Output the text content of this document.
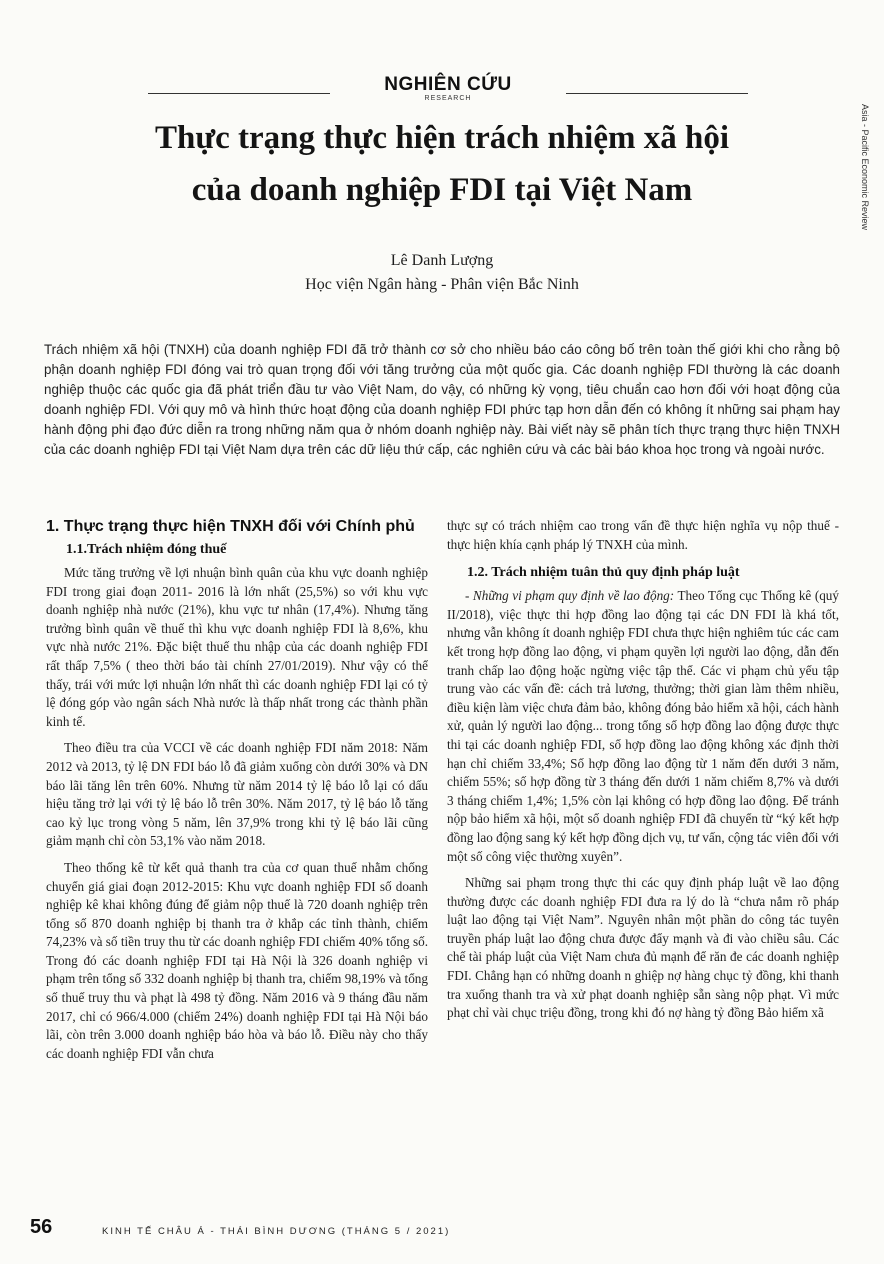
NGHIÊN CỨU
RESEARCH
Asia - Pacific Economic Review
Thực trạng thực hiện trách nhiệm xã hội
của doanh nghiệp FDI tại Việt Nam
Lê Danh Lượng
Học viện Ngân hàng - Phân viện Bắc Ninh
Trách nhiệm xã hội (TNXH) của doanh nghiệp FDI đã trở thành cơ sở cho nhiều báo cáo công bố trên toàn thế giới khi cho rằng bộ phận doanh nghiệp FDI đóng vai trò quan trọng đối với tăng trưởng của một quốc gia. Các doanh nghiệp FDI thường là các doanh nghiệp thuộc các quốc gia đã phát triển đầu tư vào Việt Nam, do vậy, có những kỳ vọng, tiêu chuẩn cao hơn đối với hoạt động của doanh nghiệp FDI. Với quy mô và hình thức hoạt động của doanh nghiệp FDI phức tạp hơn dẫn đến có không ít những sai phạm hay hành động phi đạo đức diễn ra trong những năm qua ở nhóm doanh nghiệp này. Bài viết này sẽ phân tích thực trạng thực hiện TNXH của các doanh nghiệp FDI tại Việt Nam dựa trên các dữ liệu thứ cấp, các nghiên cứu và các bài báo khoa học trong và ngoài nước.
1. Thực trạng thực hiện TNXH đối với Chính phủ
1.1.Trách nhiệm đóng thuế

Mức tăng trưởng về lợi nhuận bình quân của khu vực doanh nghiệp FDI trong giai đoạn 2011- 2016 là lớn nhất (25,5%) so với khu vực doanh nghiệp nhà nước (21%), khu vực tư nhân (17,4%). Nhưng tăng trưởng bình quân về thuế thì khu vực doanh nghiệp FDI là 8,6%, khu vực nhà nước 21%. Đặc biệt thuế thu nhập của các doanh nghiệp FDI rất thấp 7,5% ( theo thời báo tài chính 27/01/2019). Như vậy có thể thấy, trái với mức lợi nhuận lớn nhất thì các doanh nghiệp FDI lại có tỷ lệ đóng góp vào ngân sách Nhà nước là thấp nhất trong các thành phần kinh tế.

Theo điều tra của VCCI về các doanh nghiệp FDI năm 2018: Năm 2012 và 2013, tỷ lệ DN FDI báo lỗ đã giảm xuống còn dưới 30% và DN báo lãi tăng lên trên 60%. Nhưng từ năm 2014 tỷ lệ báo lỗ lại có dấu hiệu tăng trở lại với tỷ lệ báo lỗ trên 30%. Năm 2017, tỷ lệ báo lỗ tăng cao kỷ lục trong vòng 5 năm, lên 37,9% trong khi tỷ lệ báo lãi cũng giảm mạnh chỉ còn 53,1% vào năm 2018.

Theo thống kê từ kết quả thanh tra của cơ quan thuế nhằm chống chuyển giá giai đoạn 2012-2015: Khu vực doanh nghiệp FDI số doanh nghiệp kê khai không đúng để giảm nộp thuế là 720 doanh nghiệp trên tổng số 870 doanh nghiệp bị thanh tra ở khắp các tỉnh thành, chiếm 74,23% và số tiền truy thu từ các doanh nghiệp FDI chiếm 40% tổng số. Trong đó các doanh nghiệp FDI tại Hà Nội là 326 doanh nghiệp vi phạm trên tổng số 332 doanh nghiệp bị thanh tra, chiếm 98,19% và tổng số thuế truy thu và phạt là 498 tỷ đồng. Năm 2016 và 9 tháng đầu năm 2017, chỉ có 966/4.000 (chiếm 24%) doanh nghiệp FDI tại Hà Nội báo lãi, còn trên 3.000 doanh nghiệp báo hòa và báo lỗ. Điều này cho thấy các doanh nghiệp FDI vẫn chưa

thực sự có trách nhiệm cao trong vấn đề thực hiện nghĩa vụ nộp thuế - thực hiện khía cạnh pháp lý TNXH của mình.

1.2. Trách nhiệm tuân thủ quy định pháp luật

- Những vi phạm quy định về lao động: Theo Tổng cục Thống kê (quý II/2018), việc thực thi hợp đồng lao động tại các DN FDI là khá tốt, nhưng vẫn không ít doanh nghiệp FDI chưa thực hiện nghiêm túc các cam kết trong hợp đồng lao động, vi phạm quyền lợi người lao động, dẫn đến tranh chấp lao động hoặc ngừng việc tập thể. Các vi phạm chủ yếu tập trung vào các vấn đề: cách trả lương, thưởng; thời gian làm thêm nhiều, điều kiện làm việc chưa đảm bảo, không đóng bảo hiểm xã hội, cách hành xử, quản lý người lao động... trong tổng số hợp đồng lao động được thực thi tại các doanh nghiệp FDI, số hợp đồng lao động không xác định thời hạn chỉ chiếm 33,4%; Số hợp đồng lao động từ 1 năm đến dưới 3 năm, chiếm 55%; số hợp đồng từ 3 tháng đến dưới 1 năm chiếm 8,7% và dưới 3 tháng chiếm 1,4%; 1,5% còn lại không có hợp đồng lao động. Để tránh nộp bảo hiểm xã hội, một số doanh nghiệp FDI đã chuyển từ “ký kết hợp đồng lao động sang ký kết hợp đồng dịch vụ, tư vấn, cộng tác viên đối với một số công việc thường xuyên”.

Những sai phạm trong thực thi các quy định pháp luật về lao động thường được các doanh nghiệp FDI đưa ra lý do là “chưa nắm rõ pháp luật lao động tại Việt Nam”. Nguyên nhân một phần do công tác tuyên truyền pháp luật lao động chưa được đẩy mạnh và đi vào chiều sâu. Các chế tài pháp luật của Việt Nam chưa đủ mạnh để răn đe các doanh nghiệp FDI. Chẳng hạn có những doanh n ghiệp nợ hàng chục tỷ đồng, khi thanh tra xuống thanh tra và xử phạt doanh nghiệp sẵn sàng nộp phạt. Vì mức phạt chỉ vài chục triệu đồng, trong khi đó nợ hàng tỷ đồng Bảo hiểm xã

56	KINH TẾ CHÂU Á - THÁI BÌNH DƯƠNG (THÁNG 5 / 2021)
